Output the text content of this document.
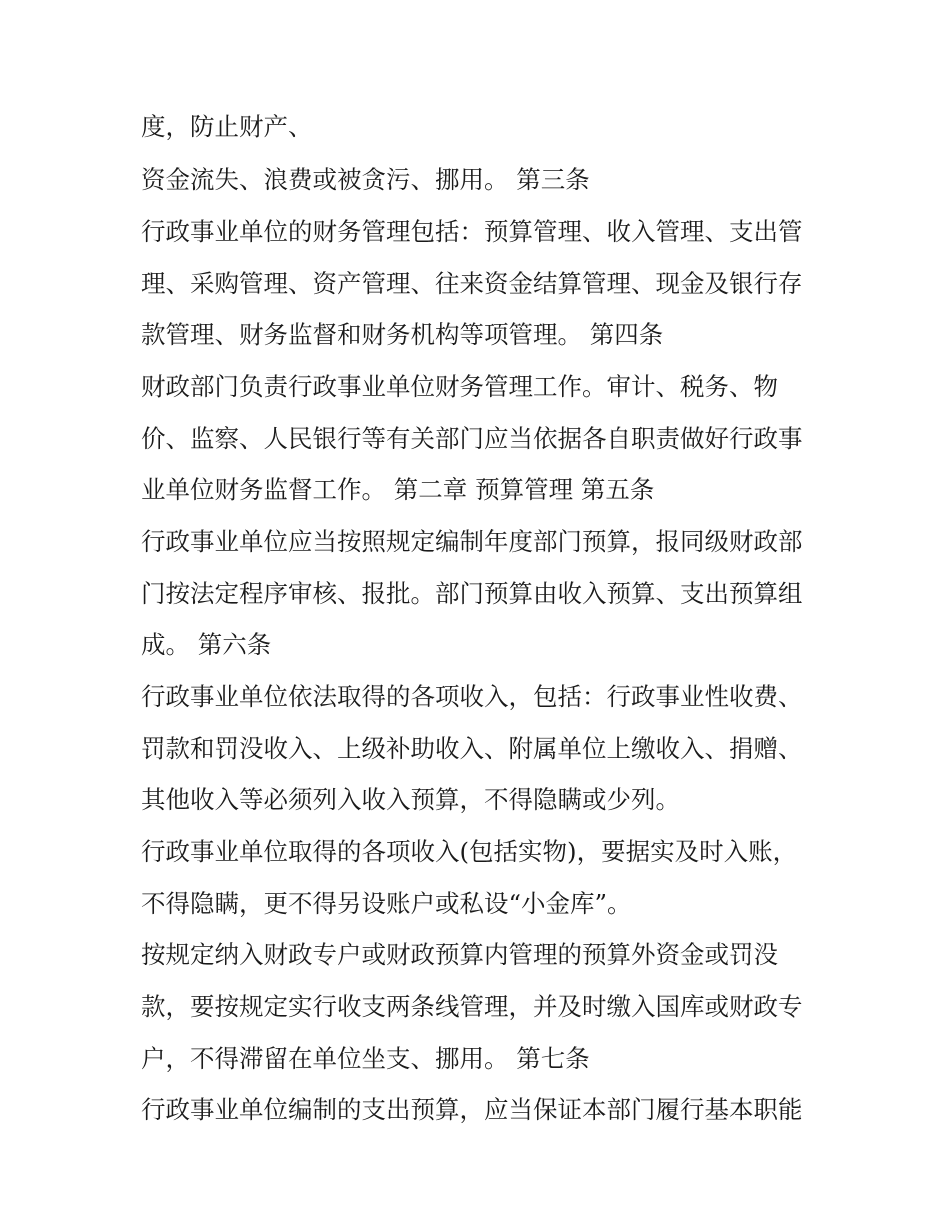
度，防止财产、
资金流失、浪费或被贪污、挪用。 第三条
行政事业单位的财务管理包括：预算管理、收入管理、支出管
理、采购管理、资产管理、往来资金结算管理、现金及银行存
款管理、财务监督和财务机构等项管理。 第四条
财政部门负责行政事业单位财务管理工作。审计、税务、物
价、监察、人民银行等有关部门应当依据各自职责做好行政事
业单位财务监督工作。 第二章 预算管理 第五条
行政事业单位应当按照规定编制年度部门预算，报同级财政部
门按法定程序审核、报批。部门预算由收入预算、支出预算组
成。 第六条
行政事业单位依法取得的各项收入，包括：行政事业性收费、
罚款和罚没收入、上级补助收入、附属单位上缴收入、捐赠、
其他收入等必须列入收入预算，不得隐瞒或少列。
行政事业单位取得的各项收入(包括实物)，要据实及时入账，
不得隐瞒，更不得另设账户或私设“小金库”。
按规定纳入财政专户或财政预算内管理的预算外资金或罚没
款，要按规定实行收支两条线管理，并及时缴入国库或财政专
户，不得滞留在单位坐支、挪用。 第七条
行政事业单位编制的支出预算，应当保证本部门履行基本职能
